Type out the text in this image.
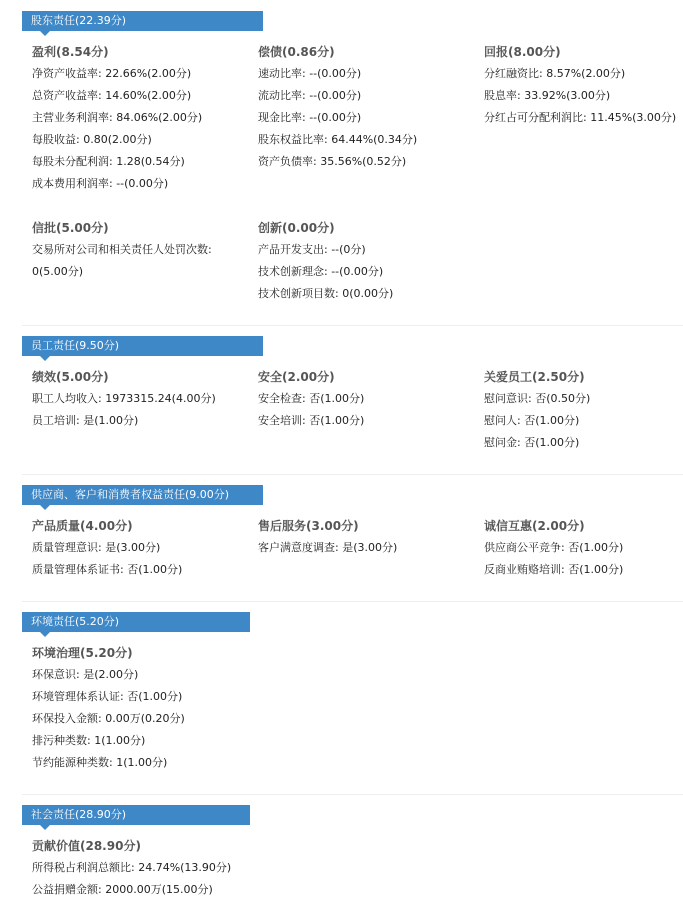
股东责任(22.39分)
盈利(8.54分)
净资产收益率: 22.66%(2.00分)
总资产收益率: 14.60%(2.00分)
主营业务利润率: 84.06%(2.00分)
每股收益: 0.80(2.00分)
每股未分配利润: 1.28(0.54分)
成本费用利润率: --(0.00分)
偿债(0.86分)
速动比率: --(0.00分)
流动比率: --(0.00分)
现金比率: --(0.00分)
股东权益比率: 64.44%(0.34分)
资产负债率: 35.56%(0.52分)
回报(8.00分)
分红融资比: 8.57%(2.00分)
股息率: 33.92%(3.00分)
分红占可分配利润比: 11.45%(3.00分)
信批(5.00分)
交易所对公司和相关责任人处罚次数:
0(5.00分)
创新(0.00分)
产品开发支出: --(0分)
技术创新理念: --(0.00分)
技术创新项目数: 0(0.00分)
员工责任(9.50分)
绩效(5.00分)
职工人均收入: 1973315.24(4.00分)
员工培训: 是(1.00分)
安全(2.00分)
安全检查: 否(1.00分)
安全培训: 否(1.00分)
关爱员工(2.50分)
慰问意识: 否(0.50分)
慰问人: 否(1.00分)
慰问金: 否(1.00分)
供应商、客户和消费者权益责任(9.00分)
产品质量(4.00分)
质量管理意识: 是(3.00分)
质量管理体系证书: 否(1.00分)
售后服务(3.00分)
客户满意度调查: 是(3.00分)
诚信互惠(2.00分)
供应商公平竞争: 否(1.00分)
反商业贿赂培训: 否(1.00分)
环境责任(5.20分)
环境治理(5.20分)
环保意识: 是(2.00分)
环境管理体系认证: 否(1.00分)
环保投入金额: 0.00万(0.20分)
排污种类数: 1(1.00分)
节约能源种类数: 1(1.00分)
社会责任(28.90分)
贡献价值(28.90分)
所得税占利润总额比: 24.74%(13.90分)
公益捐赠金额: 2000.00万(15.00分)
